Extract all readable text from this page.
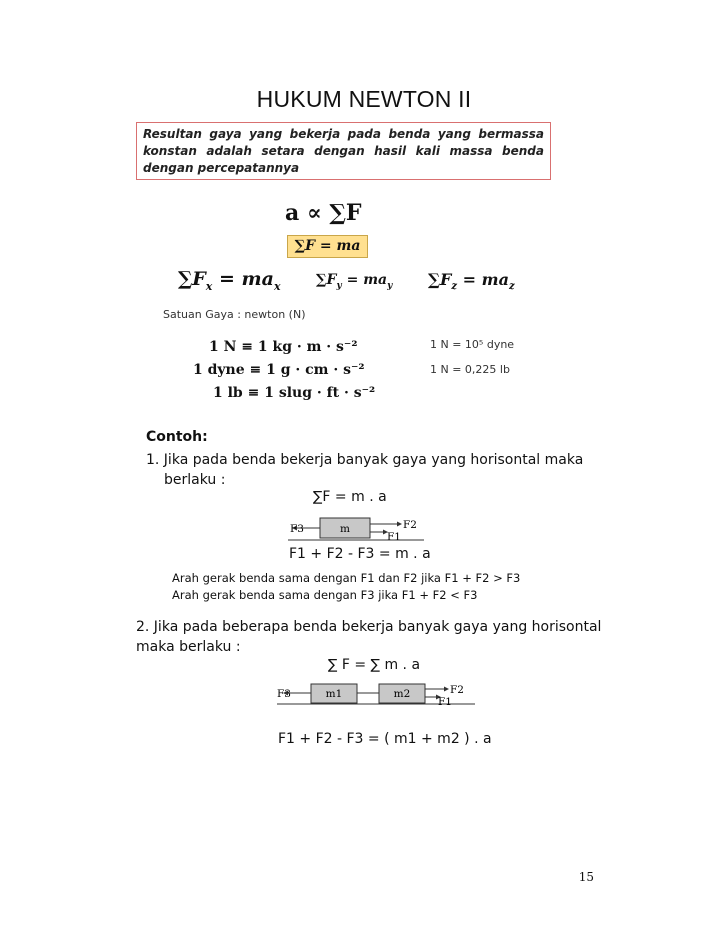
HUKUM NEWTON II

Resultan gaya yang bekerja pada benda yang bermassa konstan adalah setara dengan hasil kali massa benda dengan percepatannya

a ∝ ∑F
∑F = ma
$\sum F_x = ma_x$	$\sum F_y = ma_y$ $\sum F_z = ma_z$
Satuan Gaya : newton (N)
1 N ≡ 1 kg · m · s⁻²
1 dyne ≡ 1 g · cm · s⁻²
1 lb ≡ 1 slug · ft · s⁻²
1 N = 10⁵ dyne
1 N = 0,225 lb
Contoh:
1. Jika pada benda bekerja banyak gaya yang horisontal maka
berlaku :
∑F = m . a
m
F3	F2
F1
F1 + F2 - F3 = m . a
Arah gerak benda sama dengan F1 dan F2 jika F1 + F2 > F3
Arah gerak benda sama dengan F3 jika F1 + F2 < F3
2. Jika pada beberapa benda bekerja banyak gaya yang horisontal
maka berlaku :
∑ F = ∑ m . a
m1	m2
F3	F2
F1
F1 + F2 - F3 = ( m1 + m2 ) . a
15
